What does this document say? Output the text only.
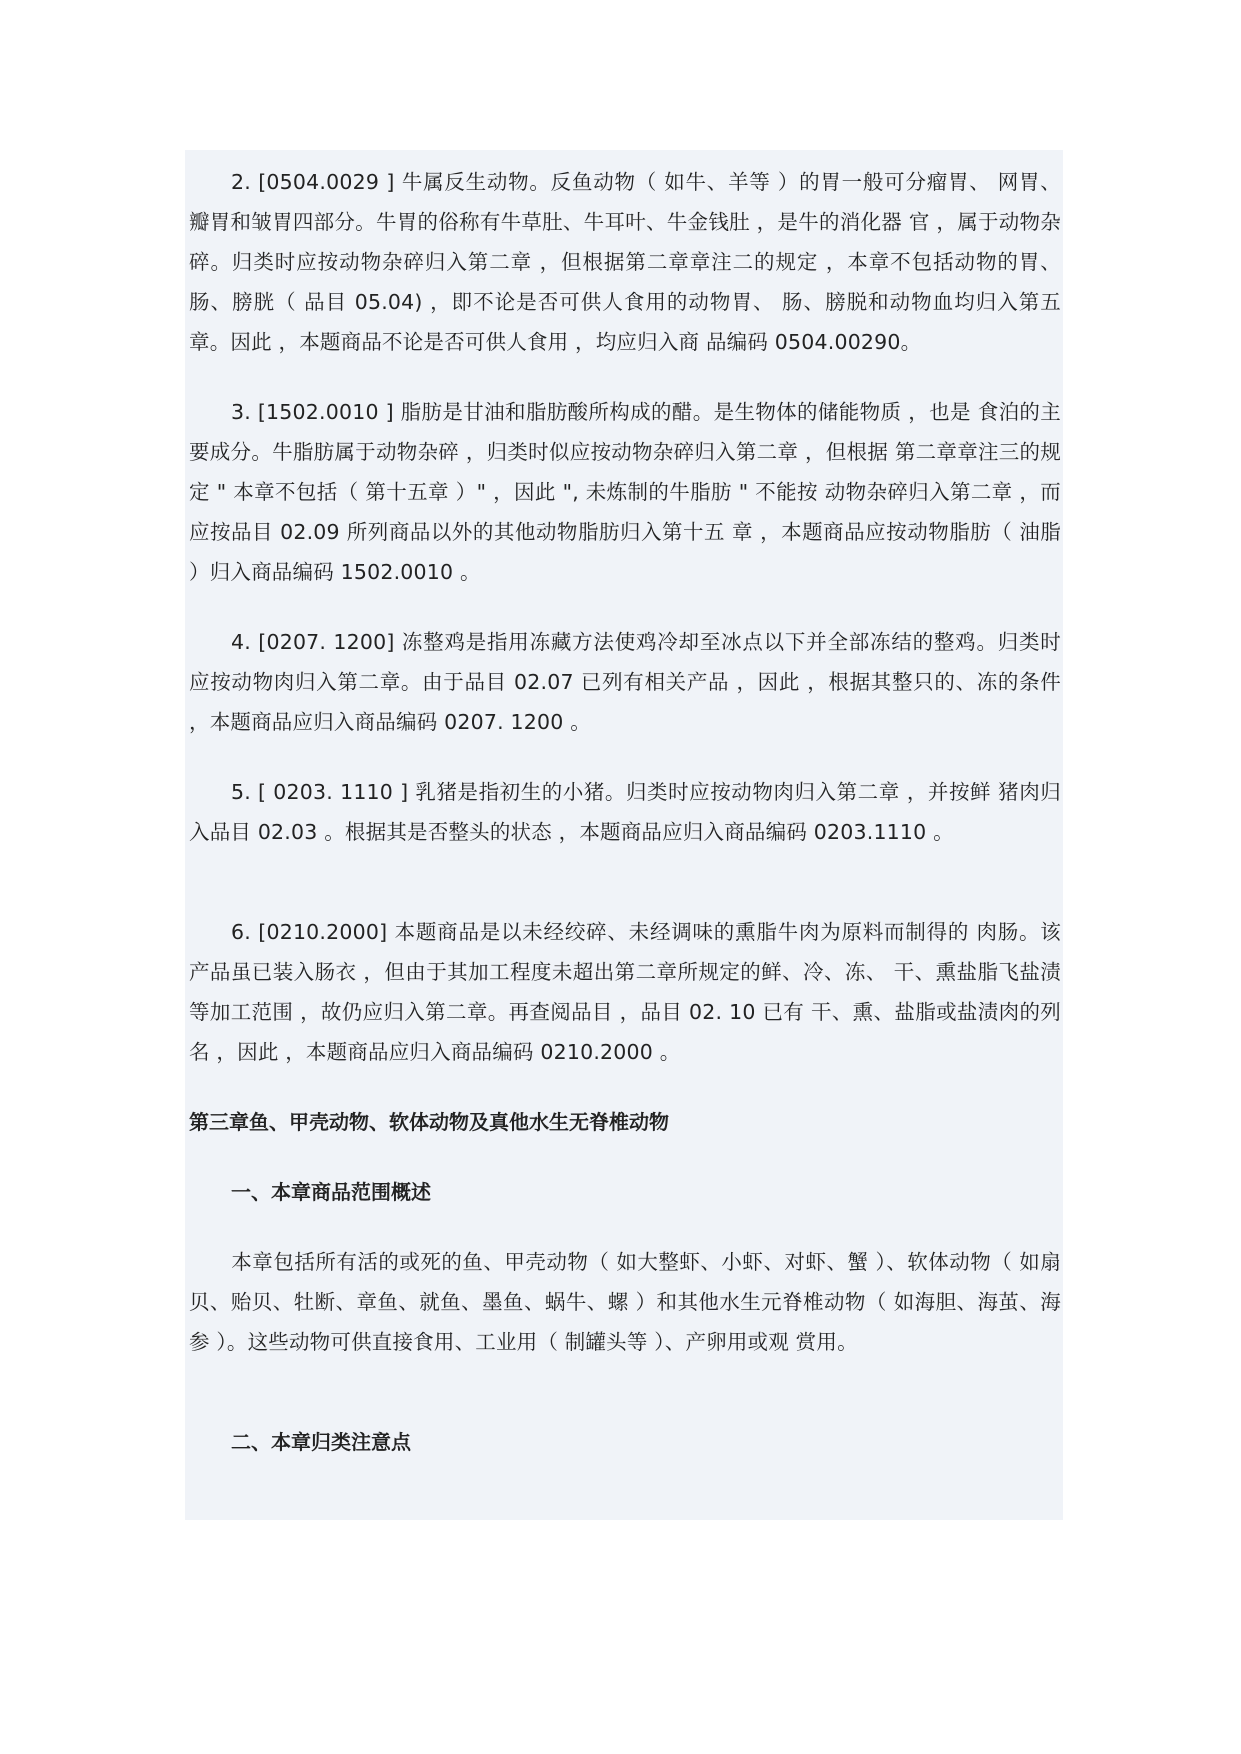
2. [0504.0029 ] 牛属反生动物。反鱼动物（ 如牛、羊等 ）的胃一般可分瘤胃、 网胃、瓣胃和皱胃四部分。牛胃的俗称有牛草肚、牛耳叶、牛金钱肚 ，是牛的消化器 官 ，属于动物杂碎。归类时应按动物杂碎归入第二章 ，但根据第二章章注二的规定 ，本章不包括动物的胃、肠、膀胱（ 品目 05.04) ，即不论是否可供人食用的动物胃、 肠、膀脱和动物血均归入第五章。因此 ，本题商品不论是否可供人食用 ，均应归入商 品编码 0504.00290。

3. [1502.0010 ] 脂肪是甘油和脂肪酸所构成的醋。是生物体的储能物质 ，也是 食泊的主要成分。牛脂肪属于动物杂碎 ，归类时似应按动物杂碎归入第二章 ，但根据 第二章章注三的规定 " 本章不包括（ 第十五章 ）" ，因此 ", 未炼制的牛脂肪 " 不能按 动物杂碎归入第二章 ，而应按品目 02.09 所列商品以外的其他动物脂肪归入第十五 章 ，本题商品应按动物脂肪（ 油脂 ）归入商品编码 1502.0010 。

4. [0207. 1200] 冻整鸡是指用冻藏方法使鸡冷却至冰点以下并全部冻结的整鸡。归类时应按动物肉归入第二章。由于品目 02.07 已列有相关产品 ，因此 ，根据其整只的、冻的条件 ，本题商品应归入商品编码 0207. 1200 。

5. [ 0203. 1110 ] 乳猪是指初生的小猪。归类时应按动物肉归入第二章 ，并按鲜 猪肉归入品目 02.03 。根据其是否整头的状态 ，本题商品应归入商品编码 0203.1110 。

6. [0210.2000] 本题商品是以未经绞碎、未经调味的熏脂牛肉为原料而制得的 肉肠。该产品虽已装入肠衣 ，但由于其加工程度未超出第二章所规定的鲜、冷、冻、 干、熏盐脂飞盐渍等加工范围 ，故仍应归入第二章。再查阅品目 ，品目 02. 10 已有 干、熏、盐脂或盐渍肉的列名 ，因此 ，本题商品应归入商品编码 0210.2000 。

第三章鱼、甲壳动物、软体动物及真他水生无脊椎动物

一、本章商品范围概述

本章包括所有活的或死的鱼、甲壳动物（ 如大整虾、小虾、对虾、蟹 ）、软体动物（ 如扇贝、贻贝、牡断、章鱼、就鱼、墨鱼、蜗牛、螺 ）和其他水生元脊椎动物（ 如海胆、海茧、海参 ）。这些动物可供直接食用、工业用（ 制罐头等 ）、产卵用或观 赏用。

二、本章归类注意点
